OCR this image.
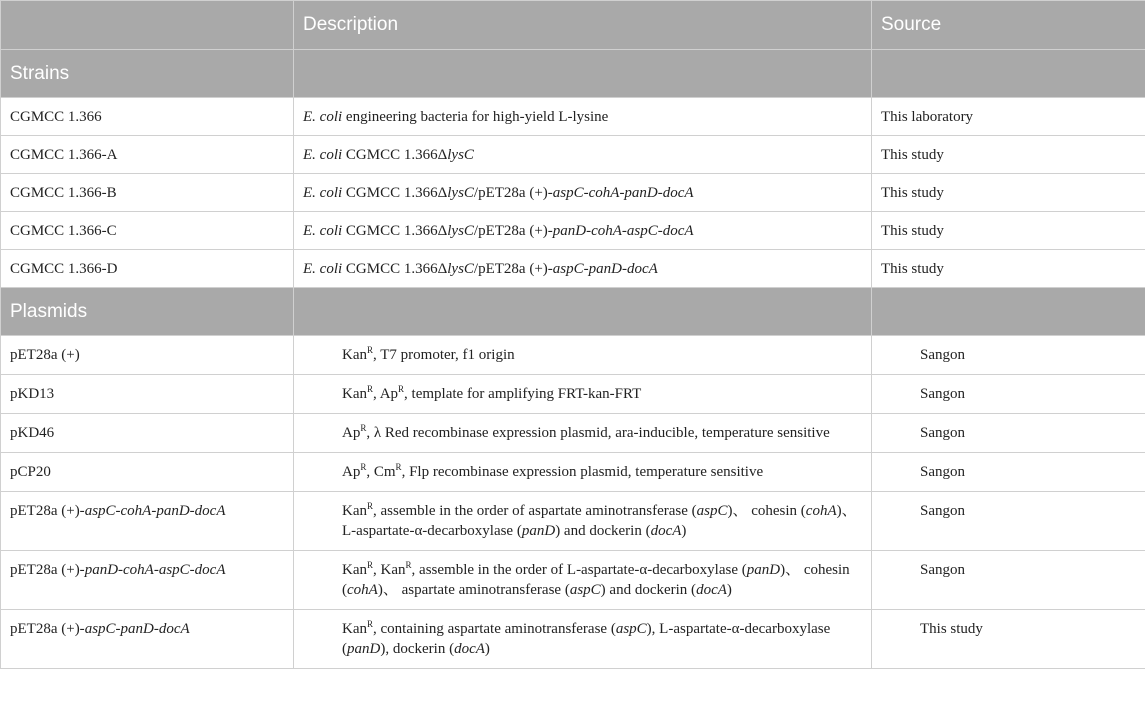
	Description	Source
Strains		
CGMCC 1.366	E. coli engineering bacteria for high-yield L-lysine	This laboratory
CGMCC 1.366-A	E. coli CGMCC 1.366ΔlysC	This study
CGMCC 1.366-B	E. coli CGMCC 1.366ΔlysC/pET28a (+)-aspC-cohA-panD-docA	This study
CGMCC 1.366-C	E. coli CGMCC 1.366ΔlysC/pET28a (+)-panD-cohA-aspC-docA	This study
CGMCC 1.366-D	E. coli CGMCC 1.366ΔlysC/pET28a (+)-aspC-panD-docA	This study
Plasmids		
pET28a (+)	Kan$^R$, T7 promoter, f1 origin	Sangon
pKD13	Kan$^R$, $Ap^R$, template for amplifying FRT-kan-FRT	Sangon
pKD46	$Ap^R$, λ Red recombinase expression plasmid, ara-inducible, temperature sensitive	Sangon
pCP20	$Ap^R$, $Cm^R$, Flp recombinase expression plasmid, temperature sensitive	Sangon
pET28a (+)-aspC-cohA-panD-docA	Kan$^R$, assemble in the order of aspartate aminotransferase (aspC)、 cohesin (cohA)、 L-aspartate-α-decarboxylase (panD) and dockerin (docA)	Sangon
pET28a (+)-panD-cohA-aspC-docA	Kan$^R$, Kan$^R$, assemble in the order of L-aspartate-α-decarboxylase (panD)、 cohesin (cohA)、 aspartate aminotransferase (aspC) and dockerin (docA)	Sangon
pET28a (+)-aspC-panD-docA	Kan$^R$, containing aspartate aminotransferase (aspC), L-aspartate-α-decarboxylase (panD), dockerin (docA)	This study
